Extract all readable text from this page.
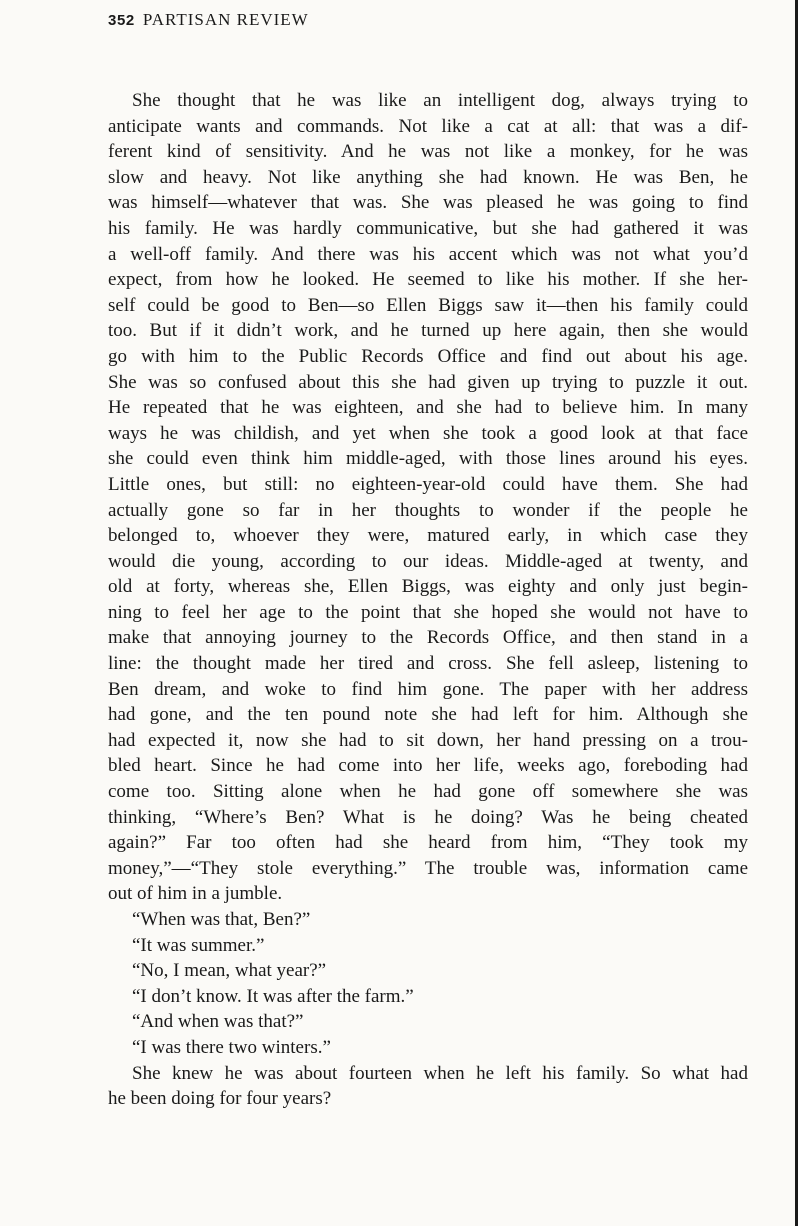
352 PARTISAN REVIEW
She thought that he was like an intelligent dog, always trying to
anticipate wants and commands. Not like a cat at all: that was a dif-
ferent kind of sensitivity. And he was not like a monkey, for he was
slow and heavy. Not like anything she had known. He was Ben, he
was himself—whatever that was. She was pleased he was going to find
his family. He was hardly communicative, but she had gathered it was
a well-off family. And there was his accent which was not what you’d
expect, from how he looked. He seemed to like his mother. If she her-
self could be good to Ben—so Ellen Biggs saw it—then his family could
too. But if it didn’t work, and he turned up here again, then she would
go with him to the Public Records Office and find out about his age.
She was so confused about this she had given up trying to puzzle it out.
He repeated that he was eighteen, and she had to believe him. In many
ways he was childish, and yet when she took a good look at that face
she could even think him middle-aged, with those lines around his eyes.
Little ones, but still: no eighteen-year-old could have them. She had
actually gone so far in her thoughts to wonder if the people he
belonged to, whoever they were, matured early, in which case they
would die young, according to our ideas. Middle-aged at twenty, and
old at forty, whereas she, Ellen Biggs, was eighty and only just begin-
ning to feel her age to the point that she hoped she would not have to
make that annoying journey to the Records Office, and then stand in a
line: the thought made her tired and cross. She fell asleep, listening to
Ben dream, and woke to find him gone. The paper with her address
had gone, and the ten pound note she had left for him. Although she
had expected it, now she had to sit down, her hand pressing on a trou-
bled heart. Since he had come into her life, weeks ago, foreboding had
come too. Sitting alone when he had gone off somewhere she was
thinking, “Where’s Ben? What is he doing? Was he being cheated
again?” Far too often had she heard from him, “They took my
money,”—“They stole everything.” The trouble was, information came
out of him in a jumble.
“When was that, Ben?”
“It was summer.”
“No, I mean, what year?”
“I don’t know. It was after the farm.”
“And when was that?”
“I was there two winters.”
She knew he was about fourteen when he left his family. So what had
he been doing for four years?
